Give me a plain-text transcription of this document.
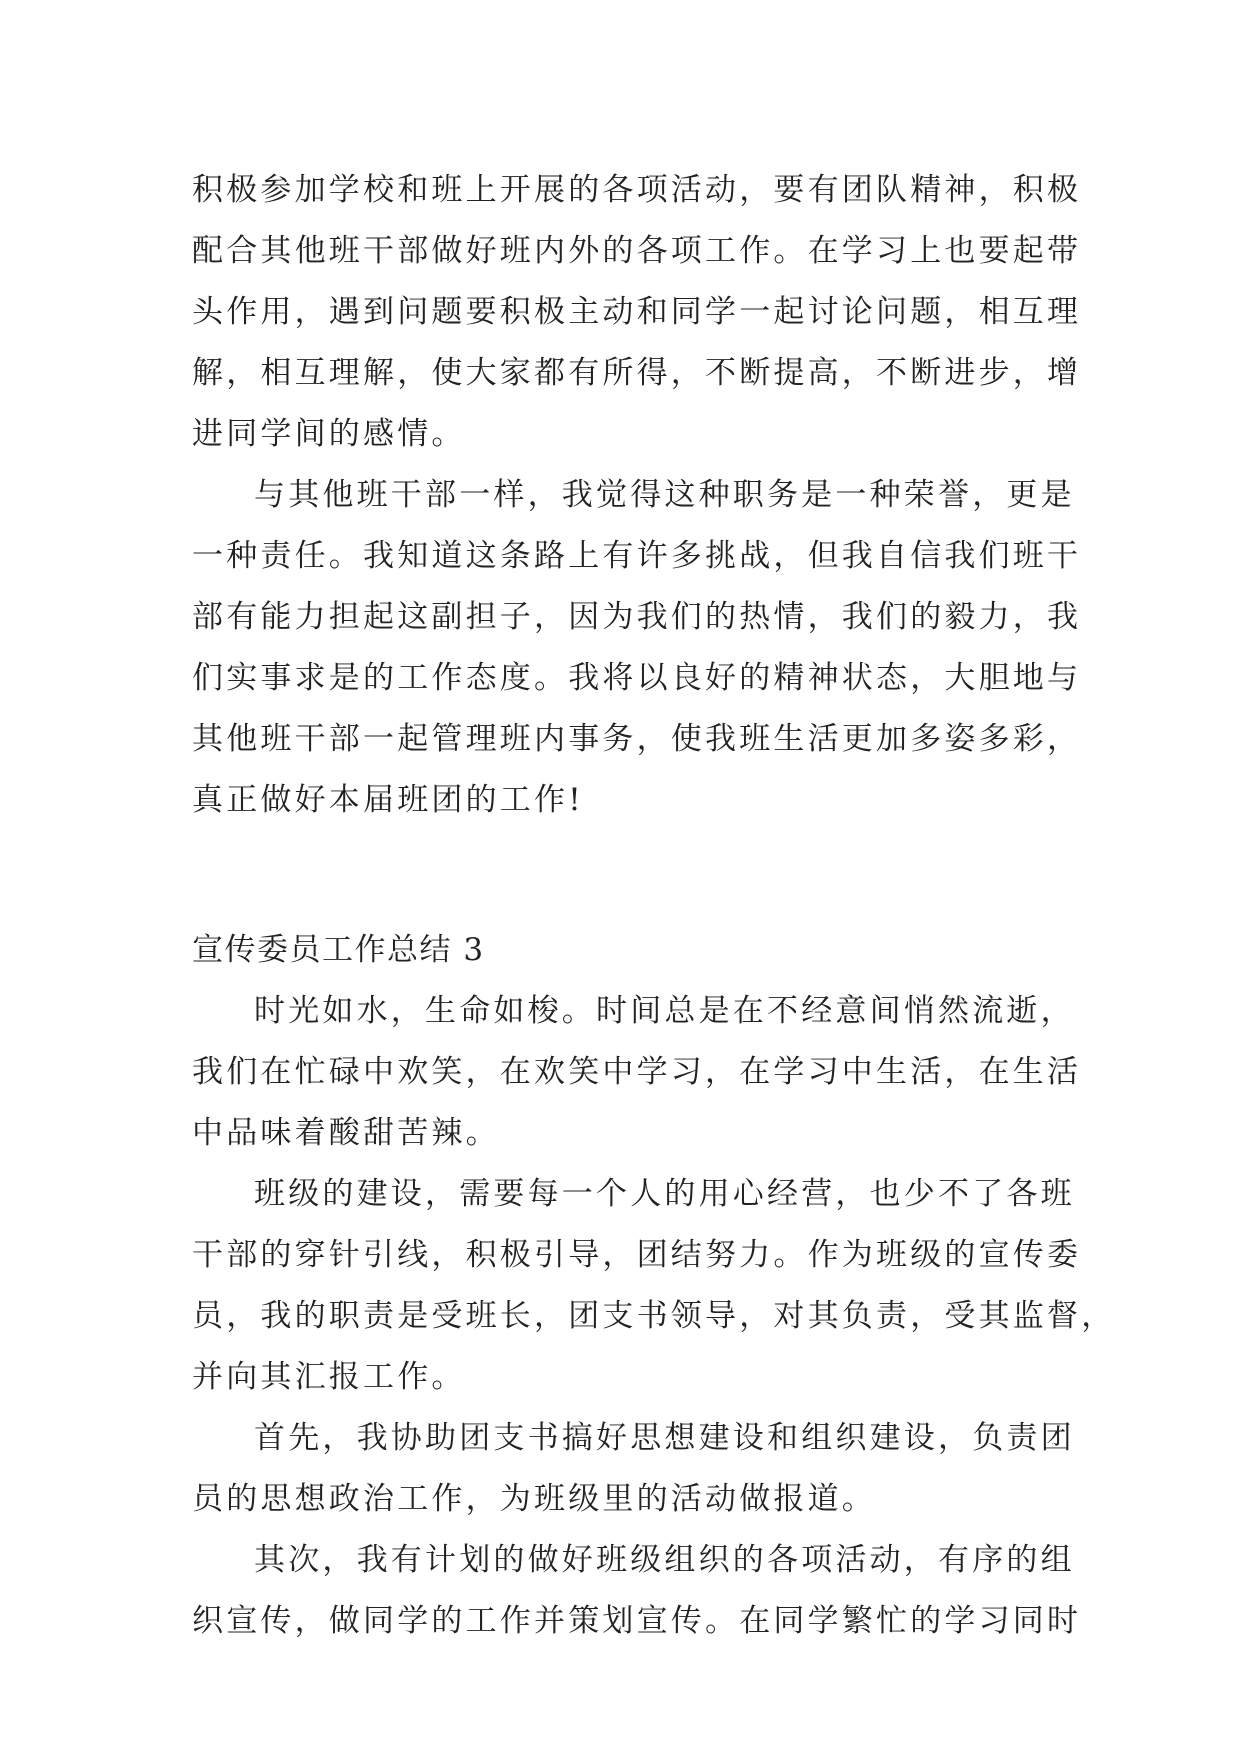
积极参加学校和班上开展的各项活动，要有团队精神，积极
配合其他班干部做好班内外的各项工作。在学习上也要起带
头作用，遇到问题要积极主动和同学一起讨论问题，相互理
解，相互理解，使大家都有所得，不断提高，不断进步，增
进同学间的感情。
与其他班干部一样，我觉得这种职务是一种荣誉，更是
一种责任。我知道这条路上有许多挑战，但我自信我们班干
部有能力担起这副担子，因为我们的热情，我们的毅力，我
们实事求是的工作态度。我将以良好的精神状态，大胆地与
其他班干部一起管理班内事务，使我班生活更加多姿多彩，
真正做好本届班团的工作!
宣传委员工作总结 3
时光如水，生命如梭。时间总是在不经意间悄然流逝，
我们在忙碌中欢笑，在欢笑中学习，在学习中生活，在生活
中品味着酸甜苦辣。
班级的建设，需要每一个人的用心经营，也少不了各班
干部的穿针引线，积极引导，团结努力。作为班级的宣传委
员，我的职责是受班长，团支书领导，对其负责，受其监督，
并向其汇报工作。
首先，我协助团支书搞好思想建设和组织建设，负责团
员的思想政治工作，为班级里的活动做报道。
其次，我有计划的做好班级组织的各项活动，有序的组
织宣传，做同学的工作并策划宣传。在同学繁忙的学习同时
